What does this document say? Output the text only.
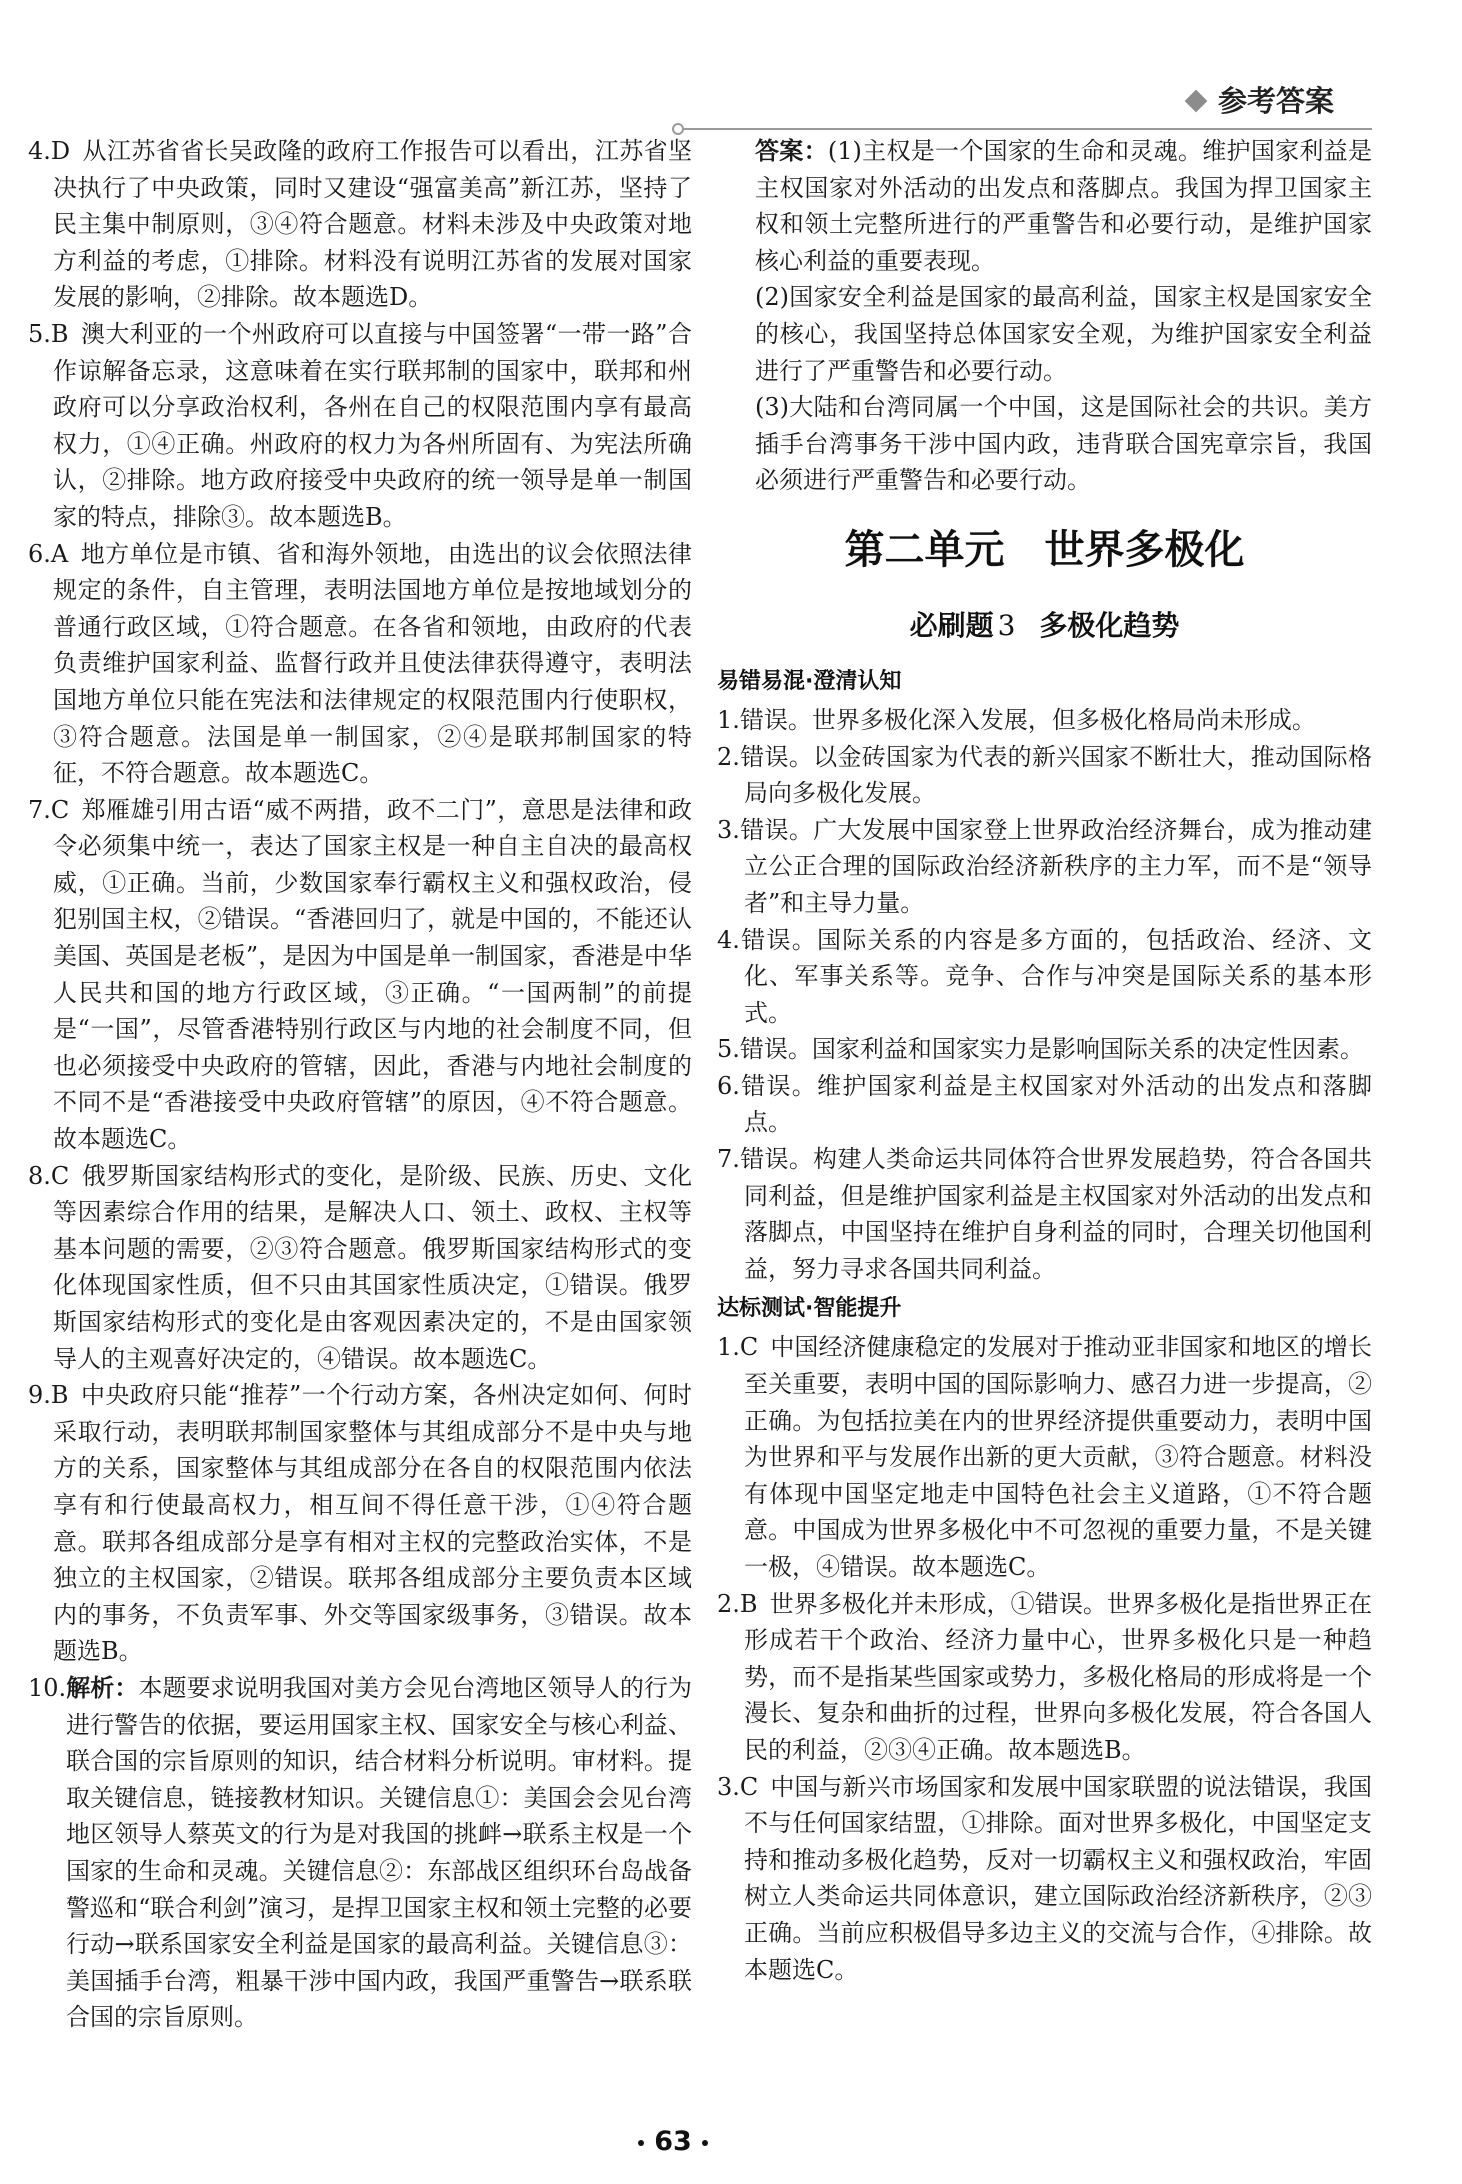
参考答案

4.D 从江苏省省长吴政隆的政府工作报告可以看出，江苏省坚决执行了中央政策，同时又建设“强富美高”新江苏，坚持了民主集中制原则，③④符合题意。材料未涉及中央政策对地方利益的考虑，①排除。材料没有说明江苏省的发展对国家发展的影响，②排除。故本题选D。

5.B 澳大利亚的一个州政府可以直接与中国签署“一带一路”合作谅解备忘录，这意味着在实行联邦制的国家中，联邦和州政府可以分享政治权利，各州在自己的权限范围内享有最高权力，①④正确。州政府的权力为各州所固有、为宪法所确认，②排除。地方政府接受中央政府的统一领导是单一制国家的特点，排除③。故本题选B。

6.A 地方单位是市镇、省和海外领地，由选出的议会依照法律规定的条件，自主管理，表明法国地方单位是按地域划分的普通行政区域，①符合题意。在各省和领地，由政府的代表负责维护国家利益、监督行政并且使法律获得遵守，表明法国地方单位只能在宪法和法律规定的权限范围内行使职权，③符合题意。法国是单一制国家，②④是联邦制国家的特征，不符合题意。故本题选C。

7.C 郑雁雄引用古语“威不两措，政不二门”，意思是法律和政令必须集中统一，表达了国家主权是一种自主自决的最高权威，①正确。当前，少数国家奉行霸权主义和强权政治，侵犯别国主权，②错误。“香港回归了，就是中国的，不能还认美国、英国是老板”，是因为中国是单一制国家，香港是中华人民共和国的地方行政区域，③正确。“一国两制”的前提是“一国”，尽管香港特别行政区与内地的社会制度不同，但也必须接受中央政府的管辖，因此，香港与内地社会制度的不同不是“香港接受中央政府管辖”的原因，④不符合题意。故本题选C。

8.C 俄罗斯国家结构形式的变化，是阶级、民族、历史、文化等因素综合作用的结果，是解决人口、领土、政权、主权等基本问题的需要，②③符合题意。俄罗斯国家结构形式的变化体现国家性质，但不只由其国家性质决定，①错误。俄罗斯国家结构形式的变化是由客观因素决定的，不是由国家领导人的主观喜好决定的，④错误。故本题选C。

9.B 中央政府只能“推荐”一个行动方案，各州决定如何、何时采取行动，表明联邦制国家整体与其组成部分不是中央与地方的关系，国家整体与其组成部分在各自的权限范围内依法享有和行使最高权力，相互间不得任意干涉，①④符合题意。联邦各组成部分是享有相对主权的完整政治实体，不是独立的主权国家，②错误。联邦各组成部分主要负责本区域内的事务，不负责军事、外交等国家级事务，③错误。故本题选B。

10.解析：本题要求说明我国对美方会见台湾地区领导人的行为进行警告的依据，要运用国家主权、国家安全与核心利益、联合国的宗旨原则的知识，结合材料分析说明。审材料。提取关键信息，链接教材知识。关键信息①：美国会会见台湾地区领导人蔡英文的行为是对我国的挑衅→联系主权是一个国家的生命和灵魂。关键信息②：东部战区组织环台岛战备警巡和“联合利剑”演习，是捍卫国家主权和领土完整的必要行动→联系国家安全利益是国家的最高利益。关键信息③：美国插手台湾，粗暴干涉中国内政，我国严重警告→联系联合国的宗旨原则。

答案：(1)主权是一个国家的生命和灵魂。维护国家利益是主权国家对外活动的出发点和落脚点。我国为捍卫国家主权和领土完整所进行的严重警告和必要行动，是维护国家核心利益的重要表现。

(2)国家安全利益是国家的最高利益，国家主权是国家安全的核心，我国坚持总体国家安全观，为维护国家安全利益进行了严重警告和必要行动。

(3)大陆和台湾同属一个中国，这是国际社会的共识。美方插手台湾事务干涉中国内政，违背联合国宪章宗旨，我国必须进行严重警告和必要行动。

第二单元 世界多极化
必刷题 3 多极化趋势
易错易混·澄清认知

1.错误。世界多极化深入发展，但多极化格局尚未形成。

2.错误。以金砖国家为代表的新兴国家不断壮大，推动国际格局向多极化发展。

3.错误。广大发展中国家登上世界政治经济舞台，成为推动建立公正合理的国际政治经济新秩序的主力军，而不是“领导者”和主导力量。

4.错误。国际关系的内容是多方面的，包括政治、经济、文化、军事关系等。竞争、合作与冲突是国际关系的基本形式。

5.错误。国家利益和国家实力是影响国际关系的决定性因素。

6.错误。维护国家利益是主权国家对外活动的出发点和落脚点。

7.错误。构建人类命运共同体符合世界发展趋势，符合各国共同利益，但是维护国家利益是主权国家对外活动的出发点和落脚点，中国坚持在维护自身利益的同时，合理关切他国利益，努力寻求各国共同利益。

达标测试·智能提升

1.C 中国经济健康稳定的发展对于推动亚非国家和地区的增长至关重要，表明中国的国际影响力、感召力进一步提高，②正确。为包括拉美在内的世界经济提供重要动力，表明中国为世界和平与发展作出新的更大贡献，③符合题意。材料没有体现中国坚定地走中国特色社会主义道路，①不符合题意。中国成为世界多极化中不可忽视的重要力量，不是关键一极，④错误。故本题选C。

2.B 世界多极化并未形成，①错误。世界多极化是指世界正在形成若干个政治、经济力量中心，世界多极化只是一种趋势，而不是指某些国家或势力，多极化格局的形成将是一个漫长、复杂和曲折的过程，世界向多极化发展，符合各国人民的利益，②③④正确。故本题选B。

3.C 中国与新兴市场国家和发展中国家联盟的说法错误，我国不与任何国家结盟，①排除。面对世界多极化，中国坚定支持和推动多极化趋势，反对一切霸权主义和强权政治，牢固树立人类命运共同体意识，建立国际政治经济新秩序，②③正确。当前应积极倡导多边主义的交流与合作，④排除。故本题选C。

63
